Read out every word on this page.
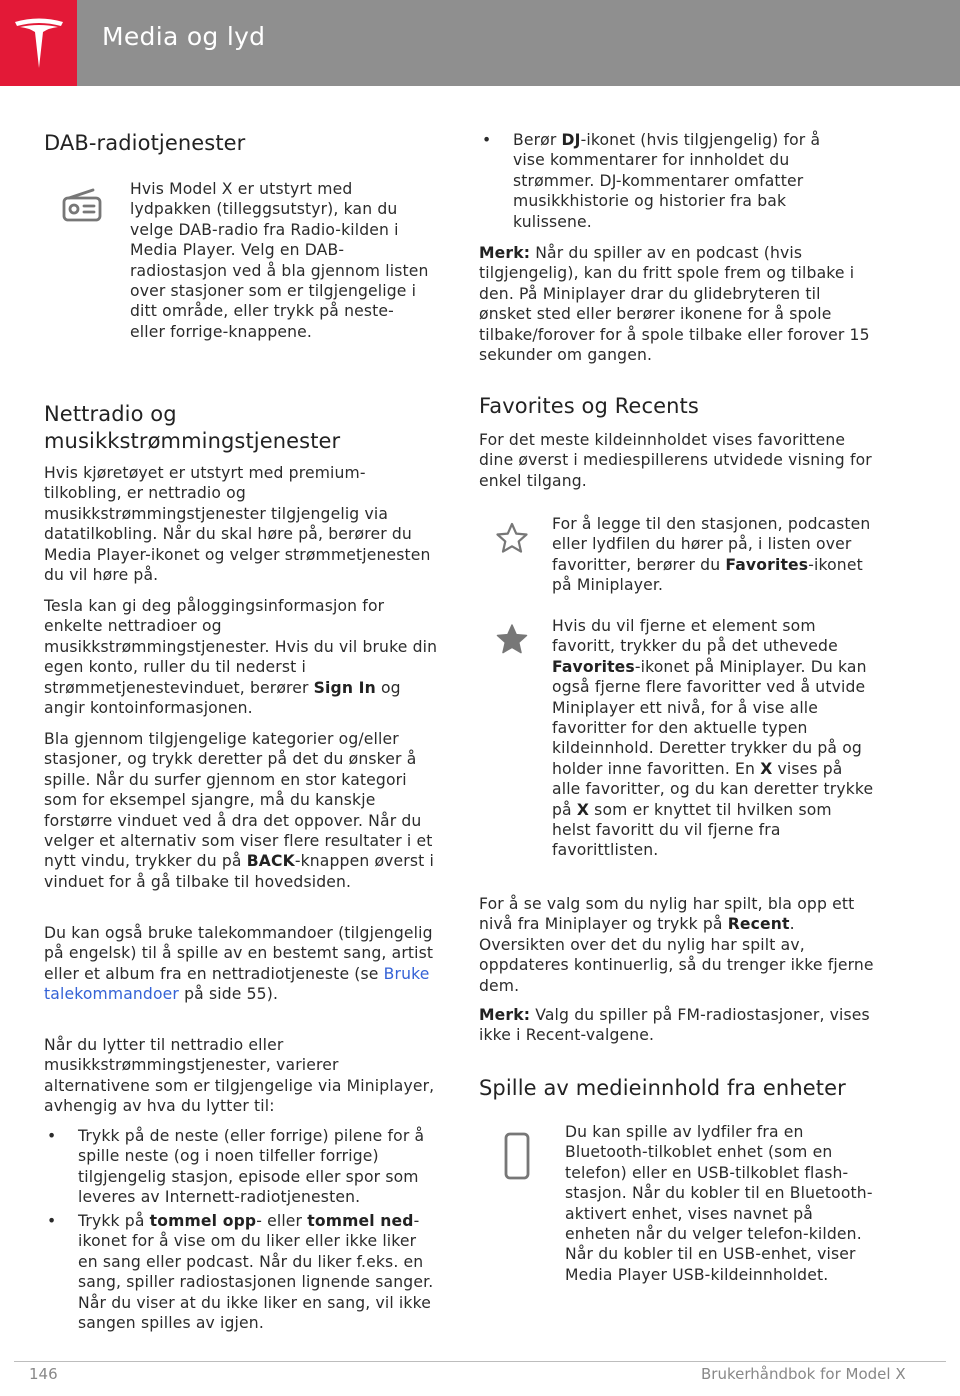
Media og lyd
DAB-radiotjenester

Hvis Model X er utstyrt med lydpakken (tilleggsutstyr), kan du velge DAB-radio fra Radio-kilden i Media Player. Velg en DAB-radiostasjon ved å bla gjennom listen over stasjoner som er tilgjengelige i ditt område, eller trykk på neste- eller forrige-knappene.

Nettradio og
musikkstrømmingstjenester

Hvis kjøretøyet er utstyrt med premium-tilkobling, er nettradio og musikkstrømmingstjenester tilgjengelig via datatilkobling. Når du skal høre på, berører du Media Player-ikonet og velger strømmetjenesten du vil høre på.

Tesla kan gi deg påloggingsinformasjon for enkelte nettradioer og musikkstrømmingstjenester. Hvis du vil bruke din egen konto, ruller du til nederst i strømmetjenestevinduet, berører Sign In og angir kontoinformasjonen.

Bla gjennom tilgjengelige kategorier og/eller stasjoner, og trykk deretter på det du ønsker å spille. Når du surfer gjennom en stor kategori som for eksempel sjangre, må du kanskje forstørre vinduet ved å dra det oppover. Når du velger et alternativ som viser flere resultater i et nytt vindu, trykker du på BACK-knappen øverst i vinduet for å gå tilbake til hovedsiden.

Du kan også bruke talekommandoer (tilgjengelig på engelsk) til å spille av en bestemt sang, artist eller et album fra en nettradiotjeneste (se Bruke talekommandoer på side 55).

Når du lytter til nettradio eller musikkstrømmingstjenester, varierer alternativene som er tilgjengelige via Miniplayer, avhengig av hva du lytter til:

• Trykk på de neste (eller forrige) pilene for å spille neste (og i noen tilfeller forrige) tilgjengelig stasjon, episode eller spor som leveres av Internett-radiotjenesten.

• Trykk på tommel opp- eller tommel ned-ikonet for å vise om du liker eller ikke liker en sang eller podcast. Når du liker f.eks. en sang, spiller radiostasjonen lignende sanger. Når du viser at du ikke liker en sang, vil ikke sangen spilles av igjen.

• Berør DJ-ikonet (hvis tilgjengelig) for å vise kommentarer for innholdet du strømmer. DJ-kommentarer omfatter musikkhistorie og historier fra bak kulissene.

Merk: Når du spiller av en podcast (hvis tilgjengelig), kan du fritt spole frem og tilbake i den. På Miniplayer drar du glidebryteren til ønsket sted eller berører ikonene for å spole tilbake/forover for å spole tilbake eller forover 15 sekunder om gangen.

Favorites og Recents

For det meste kildeinnholdet vises favorittene dine øverst i mediespillerens utvidede visning for enkel tilgang.

For å legge til den stasjonen, podcasten eller lydfilen du hører på, i listen over favoritter, berører du Favorites-ikonet på Miniplayer.

Hvis du vil fjerne et element som favoritt, trykker du på det uthevede Favorites-ikonet på Miniplayer. Du kan også fjerne flere favoritter ved å utvide Miniplayer ett nivå, for å vise alle favoritter for den aktuelle typen kildeinnhold. Deretter trykker du på og holder inne favoritten. En X vises på alle favoritter, og du kan deretter trykke på X som er knyttet til hvilken som helst favoritt du vil fjerne fra favorittlisten.

For å se valg som du nylig har spilt, bla opp ett nivå fra Miniplayer og trykk på Recent. Oversikten over det du nylig har spilt av, oppdateres kontinuerlig, så du trenger ikke fjerne dem.

Merk: Valg du spiller på FM-radiostasjoner, vises ikke i Recent-valgene.

Spille av medieinnhold fra enheter

Du kan spille av lydfiler fra en Bluetooth-tilkoblet enhet (som en telefon) eller en USB-tilkoblet flash-stasjon. Når du kobler til en Bluetooth-aktivert enhet, vises navnet på enheten når du velger telefon-kilden. Når du kobler til en USB-enhet, viser Media Player USB-kildeinnholdet.

146	Brukerhåndbok for Model X
